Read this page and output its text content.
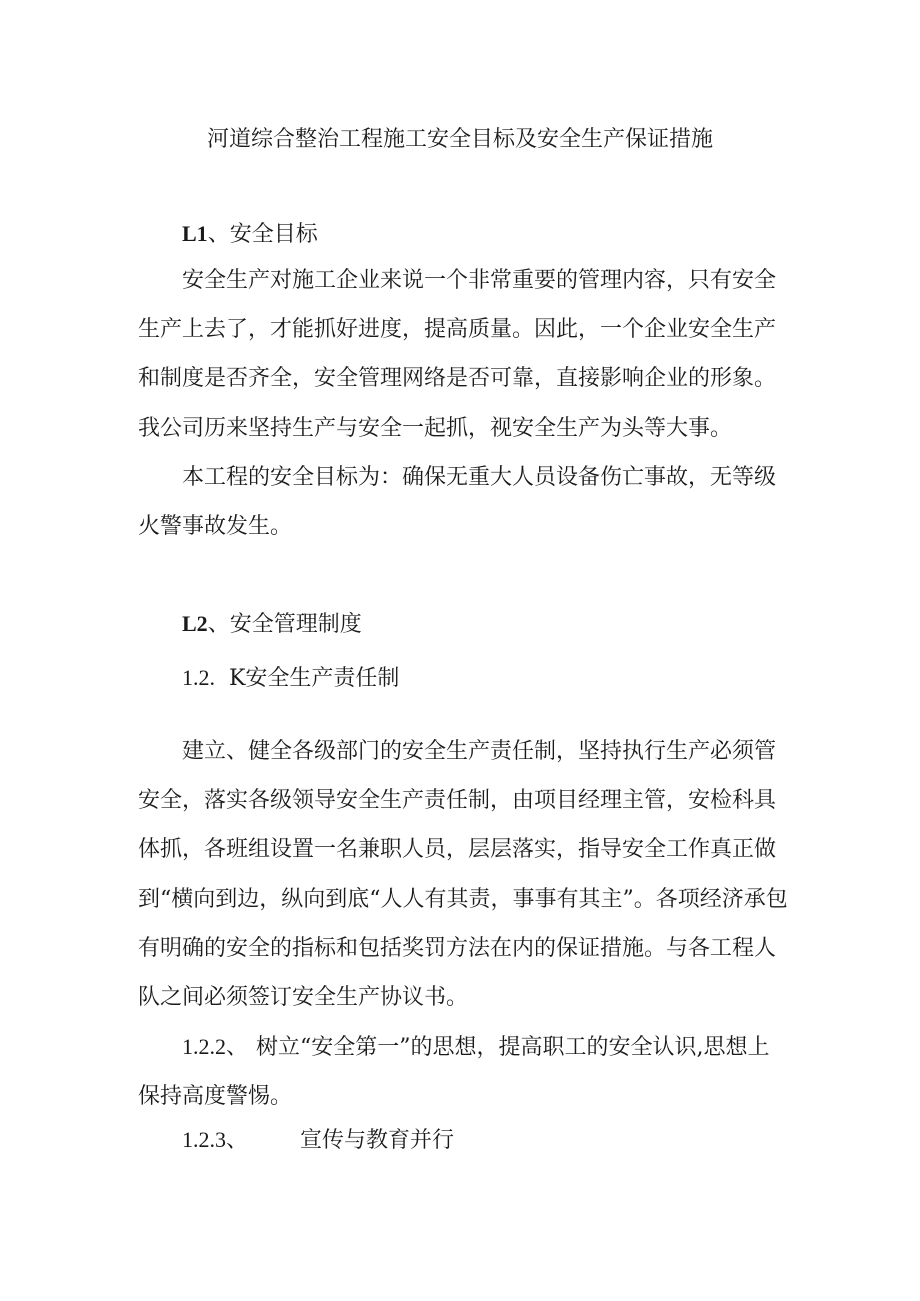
河道综合整治工程施工安全目标及安全生产保证措施
L1、安全目标

安全生产对施工企业来说一个非常重要的管理内容，只有安全生产上去了，才能抓好进度，提高质量。因此，一个企业安全生产和制度是否齐全，安全管理网络是否可靠，直接影响企业的形象。我公司历来坚持生产与安全一起抓，视安全生产为头等大事。

本工程的安全目标为：确保无重大人员设备伤亡事故，无等级火警事故发生。

L2、安全管理制度
1.2. K安全生产责任制

建立、健全各级部门的安全生产责任制，坚持执行生产必须管安全，落实各级领导安全生产责任制，由项目经理主管，安检科具体抓，各班组设置一名兼职人员，层层落实，指导安全工作真正做到“横向到边，纵向到底“人人有其责，事事有其主”。各项经济承包有明确的安全的指标和包括奖罚方法在内的保证措施。与各工程人队之间必须签订安全生产协议书。

1.2.2、 树立“安全第一”的思想，提高职工的安全认识,思想上保持高度警惕。

1.2.3、 宣传与教育并行
